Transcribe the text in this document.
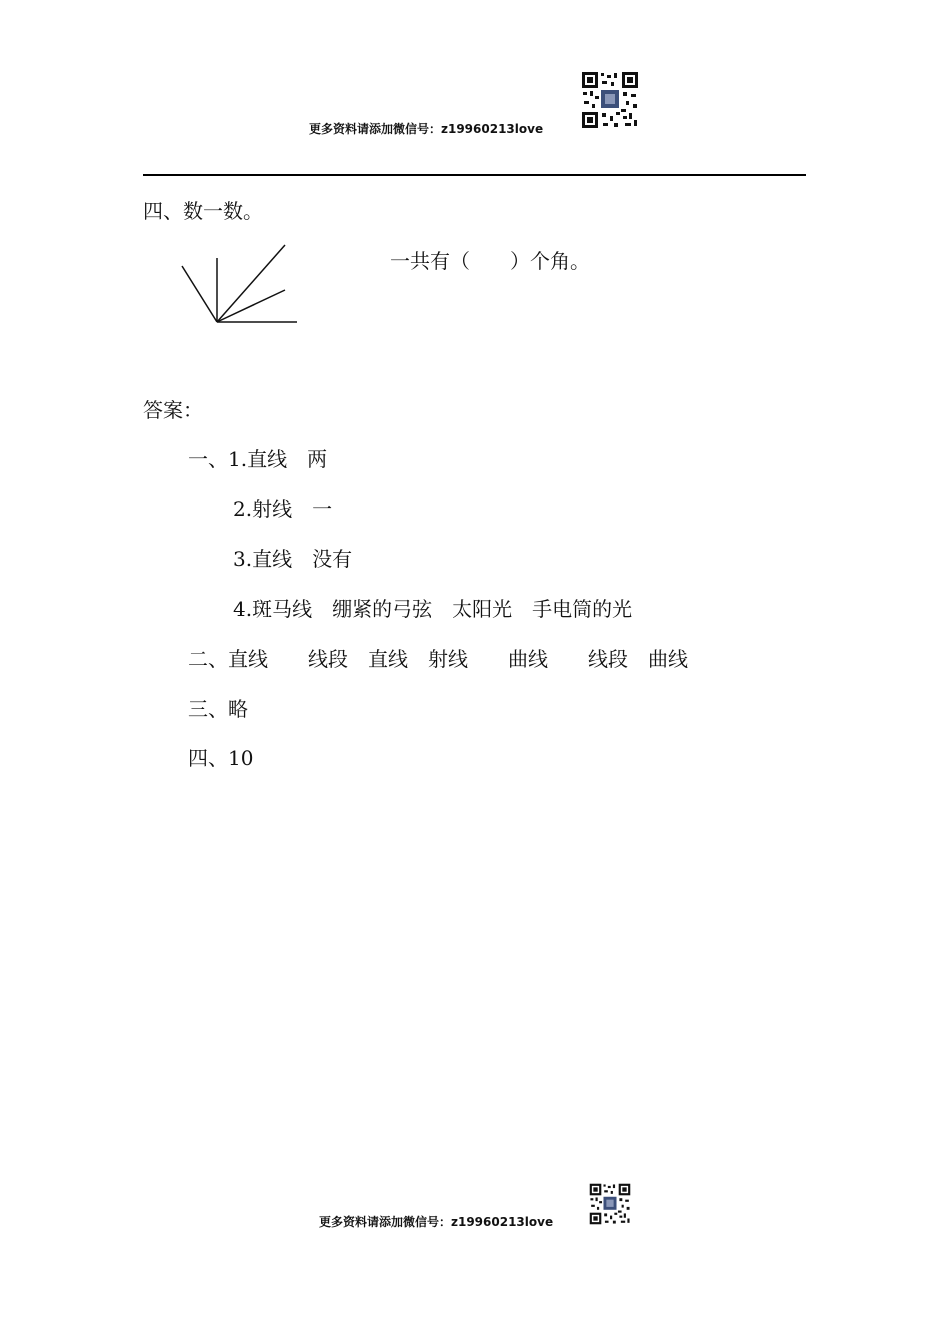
更多资料请添加微信号：z19960213love
四、数一数。
一共有（　　）个角。
答案：
一、1.直线　两
2.射线　一
3.直线　没有
4.斑马线　绷紧的弓弦　太阳光　手电筒的光
二、直线　　线段　直线　射线　　曲线　　线段　曲线
三、略
四、10
更多资料请添加微信号：z19960213love
